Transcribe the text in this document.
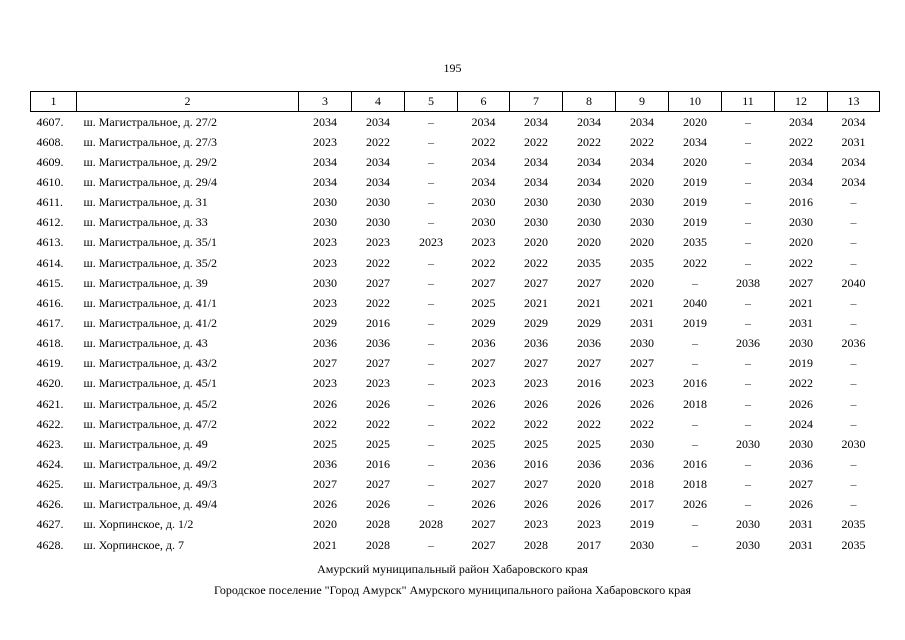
195
1	2	3	4	5	6	7	8	9	10	11	12	13
4607.	ш. Магистральное, д. 27/2	2034	2034	–	2034	2034	2034	2034	2020	–	2034	2034
4608.	ш. Магистральное, д. 27/3	2023	2022	–	2022	2022	2022	2022	2034	–	2022	2031
4609.	ш. Магистральное, д. 29/2	2034	2034	–	2034	2034	2034	2034	2020	–	2034	2034
4610.	ш. Магистральное, д. 29/4	2034	2034	–	2034	2034	2034	2020	2019	–	2034	2034
4611.	ш. Магистральное, д. 31	2030	2030	–	2030	2030	2030	2030	2019	–	2016	–
4612.	ш. Магистральное, д. 33	2030	2030	–	2030	2030	2030	2030	2019	–	2030	–
4613.	ш. Магистральное, д. 35/1	2023	2023	2023	2023	2020	2020	2020	2035	–	2020	–
4614.	ш. Магистральное, д. 35/2	2023	2022	–	2022	2022	2035	2035	2022	–	2022	–
4615.	ш. Магистральное, д. 39	2030	2027	–	2027	2027	2027	2020	–	2038	2027	2040
4616.	ш. Магистральное, д. 41/1	2023	2022	–	2025	2021	2021	2021	2040	–	2021	–
4617.	ш. Магистральное, д. 41/2	2029	2016	–	2029	2029	2029	2031	2019	–	2031	–
4618.	ш. Магистральное, д. 43	2036	2036	–	2036	2036	2036	2030	–	2036	2030	2036
4619.	ш. Магистральное, д. 43/2	2027	2027	–	2027	2027	2027	2027	–	–	2019	–
4620.	ш. Магистральное, д. 45/1	2023	2023	–	2023	2023	2016	2023	2016	–	2022	–
4621.	ш. Магистральное, д. 45/2	2026	2026	–	2026	2026	2026	2026	2018	–	2026	–
4622.	ш. Магистральное, д. 47/2	2022	2022	–	2022	2022	2022	2022	–	–	2024	–
4623.	ш. Магистральное, д. 49	2025	2025	–	2025	2025	2025	2030	–	2030	2030	2030
4624.	ш. Магистральное, д. 49/2	2036	2016	–	2036	2016	2036	2036	2016	–	2036	–
4625.	ш. Магистральное, д. 49/3	2027	2027	–	2027	2027	2020	2018	2018	–	2027	–
4626.	ш. Магистральное, д. 49/4	2026	2026	–	2026	2026	2026	2017	2026	–	2026	–
4627.	ш. Хорпинское, д. 1/2	2020	2028	2028	2027	2023	2023	2019	–	2030	2031	2035
4628.	ш. Хорпинское, д. 7	2021	2028	–	2027	2028	2017	2030	–	2030	2031	2035
Амурский муниципальный район Хабаровского края
Городское поселение "Город Амурск" Амурского муниципального района Хабаровского края
